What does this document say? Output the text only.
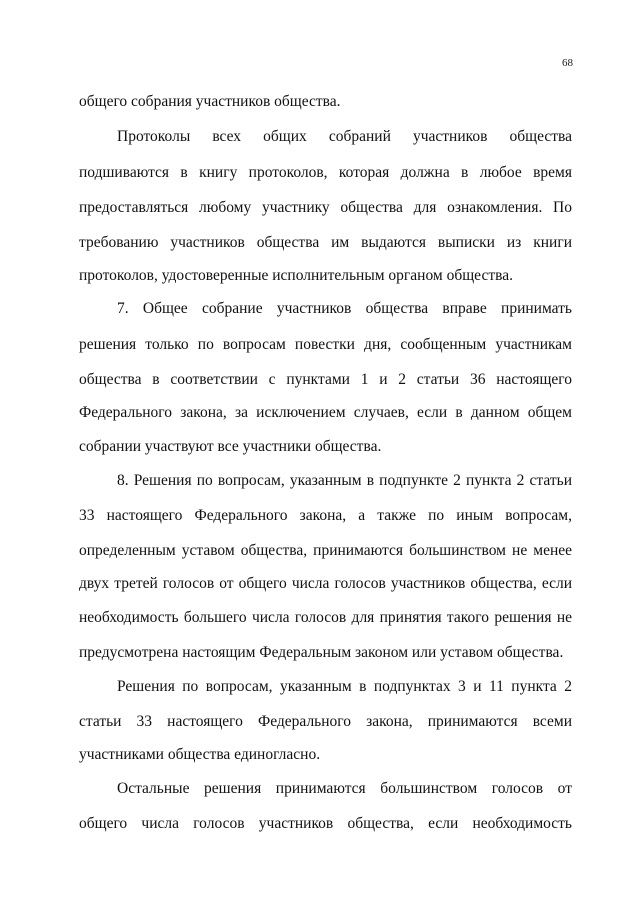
68
общего собрания участников общества.
Протоколы всех общих собраний участников общества
подшиваются в книгу протоколов, которая должна в любое время
предоставляться любому участнику общества для ознакомления. По
требованию участников общества им выдаются выписки из книги
протоколов, удостоверенные исполнительным органом общества.
7. Общее собрание участников общества вправе принимать
решения только по вопросам повестки дня, сообщенным участникам
общества в соответствии с пунктами 1 и 2 статьи 36 настоящего
Федерального закона, за исключением случаев, если в данном общем
собрании участвуют все участники общества.
8. Решения по вопросам, указанным в подпункте 2 пункта 2 статьи
33 настоящего Федерального закона, а также по иным вопросам,
определенным уставом общества, принимаются большинством не менее
двух третей голосов от общего числа голосов участников общества, если
необходимость большего числа голосов для принятия такого решения не
предусмотрена настоящим Федеральным законом или уставом общества.
Решения по вопросам, указанным в подпунктах 3 и 11 пункта 2
статьи 33 настоящего Федерального закона, принимаются всеми
участниками общества единогласно.
Остальные решения принимаются большинством голосов от
общего числа голосов участников общества, если необходимость
